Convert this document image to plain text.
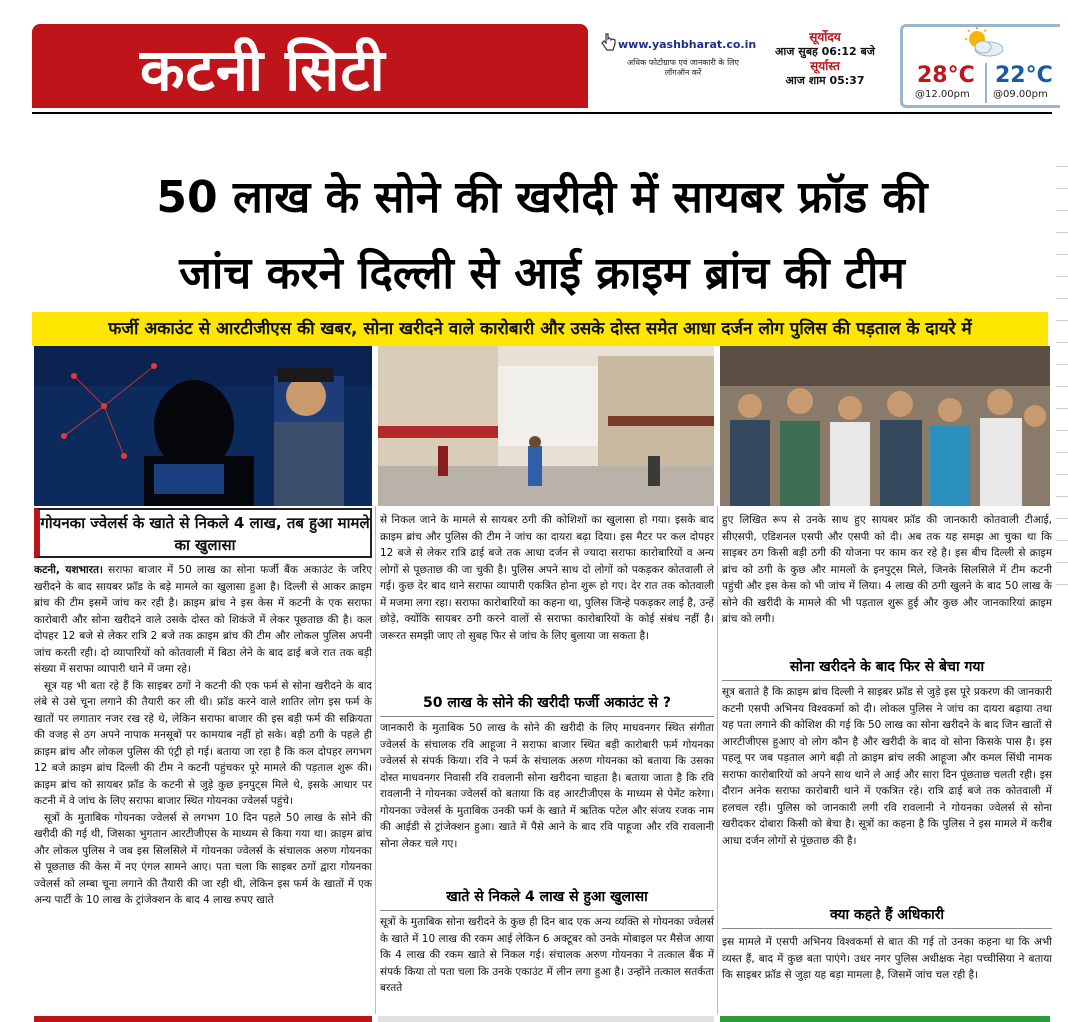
कटनी सिटी	www.yashbharat.co.in
अधिक फोटोग्राफ एवं जानकारी के लिए लॉगऑन करें
सूर्योदय
आज सुबह 06:12 बजे
सूर्यास्त
आज शाम 05:37	28°C 22°C
@12.00pm @09.00pm
50 लाख के सोने की खरीदी में सायबर फ्रॉड की
जांच करने दिल्ली से आई क्राइम ब्रांच की टीम
फर्जी अकाउंट से आरटीजीएस की खबर, सोना खरीदने वाले कारोबारी और उसके दोस्त समेत आधा दर्जन लोग पुलिस की पड़ताल के दायरे में
गोयनका ज्वेलर्स के खाते से निकले 4 लाख, तब हुआ मामले का खुलासा

कटनी, यशभारत। सराफा बाजार में 50 लाख का सोना फर्जी बैंक अकाउंट के जरिए खरीदने के बाद सायबर फ्रॉड के बड़े मामले का खुलासा हुआ है। दिल्ली से आकर क्राइम ब्रांच की टीम इसमें जांच कर रही है। क्राइम ब्रांच ने इस केस में कटनी के एक सराफा कारोबारी और सोना खरीदने वाले उसके दोस्त को शिकंजे में लेकर पूछताछ की है। कल दोपहर 12 बजे से लेकर रात्रि 2 बजे तक क्राइम ब्रांच की टीम और लोकल पुलिस अपनी जांच करती रही। दो व्यापारियों को कोतवाली में बिठा लेने के बाद ढाई बजे रात तक बड़ी संख्या में सराफा व्यापारी थाने में जमा रहे।

सूत्र यह भी बता रहे हैं कि साइबर ठगों ने कटनी की एक फर्म से सोना खरीदने के बाद लंबे से उसे चूना लगाने की तैयारी कर ली थी। फ्रॉड करने वाले शातिर लोग इस फर्म के खातों पर लगातार नजर रख रहे थे, लेकिन सराफा बाजार की इस बड़ी फर्म की सक्रियता की वजह से ठग अपने नापाक मनसूबों पर कामयाब नहीं हो सके। बड़ी ठगी के पहले ही क्राइम ब्रांच और लोकल पुलिस की एंट्री हो गई। बताया जा रहा है कि कल दोपहर लगभग 12 बजे क्राइम ब्रांच दिल्ली की टीम ने कटनी पहुंचकर पूरे मामले की पड़ताल शुरू की। क्राइम ब्रांच को सायबर फ्रॉड के कटनी से जुड़े कुछ इनपुट्स मिले थे, इसके आधार पर कटनी में वे जांच के लिए सराफा बाजार स्थित गोयनका ज्वेलर्स पहुंचे।

सूत्रों के मुताबिक गोयनका ज्वेलर्स से लगभग 10 दिन पहले 50 लाख के सोने की खरीदी की गई थी, जिसका भुगतान आरटीजीएस के माध्यम से किया गया था। क्राइम ब्रांच और लोकल पुलिस ने जब इस सिलसिले में गोयनका ज्वेलर्स के संचालक अरुण गोयनका से पूछताछ की केस में नए एंगल सामने आए। पता चला कि साइबर ठगों द्वारा गोयनका ज्वेलर्स को लम्बा चूना लगाने की तैयारी की जा रही थी, लेकिन इस फर्म के खातों में एक अन्य पार्टी के 10 लाख के ट्रांजेक्शन के बाद 4 लाख रुपए खाते

से निकल जाने के मामले से सायबर ठगी की कोशिशों का खुलासा हो गया। इसके बाद क्राइम ब्रांच और पुलिस की टीम ने जांच का दायरा बढ़ा दिया। इस मैटर पर कल दोपहर 12 बजे से लेकर रात्रि ढाई बजे तक आधा दर्जन से ज्यादा सराफा कारोबारियों व अन्य लोगों से पूछताछ की जा चुकी है। पुलिस अपने साथ दो लोगों को पकड़कर कोतवाली ले गई। कुछ देर बाद थाने सराफा व्यापारी एकत्रित होना शुरू हो गए। देर रात तक कोतवाली में मजमा लगा रहा। सराफा कारोबारियों का कहना था, पुलिस जिन्हे पकड़कर लाई है, उन्हें छोड़े, क्योंकि सायबर ठगी करने वालों से सराफा कारोबारियों के कोई संबंध नहीं है। जरूरत समझी जाए तो सुबह फिर से जांच के लिए बुलाया जा सकता है।

50 लाख के सोने की खरीदी फर्जी अकाउंट से ?

जानकारी के मुताबिक 50 लाख के सोने की खरीदी के लिए माधवनगर स्थित संगीता ज्वेलर्स के संचालक रवि आहूजा ने सराफा बाजार स्थित बड़ी कारोबारी फर्म गोयनका ज्वेलर्स से संपर्क किया। रवि ने फर्म के संचालक अरुण गोयनका को बताया कि उसका दोस्त माधवनगर निवासी रवि रावलानी सोना खरीदना चाहता है। बताया जाता है कि रवि रावलानी ने गोयनका ज्वेलर्स को बताया कि वह आरटीजीएस के माध्यम से पेमेंट करेगा। गोयनका ज्वेलर्स के मुताबिक उनकी फर्म के खाते में ऋतिक पटेल और संजय रजक नाम की आईडी से ट्रांजेक्शन हुआ। खाते में पैसे आने के बाद रवि पाहूजा और रवि रावलानी सोना लेकर चले गए।

खाते से निकले 4 लाख से हुआ खुलासा

सूत्रों के मुताबिक सोना खरीदने के कुछ ही दिन बाद एक अन्य व्यक्ति से गोयनका ज्वेलर्स के खाते में 10 लाख की रकम आई लेकिन 6 अक्टूबर को उनके मोबाइल पर मैसेज आया कि 4 लाख की रकम खाते से निकल गई। संचालक अरुण गोयनका ने तत्काल बैंक में संपर्क किया तो पता चला कि उनके एकाउंट में लीन लगा हुआ है। उन्होंने तत्काल सतर्कता बरतते

हुए लिखित रूप से उनके साथ हुए सायबर फ्रॉड की जानकारी कोतवाली टीआई, सीएसपी, एडिशनल एसपी और एसपी को दी। अब तक यह समझ आ चुका था कि साइबर ठग किसी बड़ी ठगी की योजना पर काम कर रहे है। इस बीच दिल्ली से क्राइम ब्रांच को ठगी के कुछ और मामलों के इनपुट्स मिले, जिनके सिलसिले में टीम कटनी पहुंची और इस केस को भी जांच में लिया। 4 लाख की ठगी खुलने के बाद 50 लाख के सोने की खरीदी के मामले की भी पड़ताल शुरू हुई और कुछ और जानकारियां क्राइम ब्रांच को लगी।

सोना खरीदने के बाद फिर से बेचा गया

सूत्र बताते है कि क्राइम ब्रांच दिल्ली ने साइबर फ्रॉड से जुड़े इस पूरे प्रकरण की जानकारी कटनी एसपी अभिनय विश्वकर्मा को दी। लोकल पुलिस ने जांच का दायरा बढ़ाया तथा यह पता लगाने की कोशिश की गई कि 50 लाख का सोना खरीदने के बाद जिन खातों से आरटीजीएस हुआए वो लोग कौन है और खरीदी के बाद वो सोना किसके पास है। इस पहलू पर जब पड़ताल आगे बढ़ी तो क्राइम ब्रांच लकी आहूजा और कमल सिंधी नामक सराफा कारोबारियों को अपने साथ थाने ले आई और सारा दिन पूंछताछ चलती रही। इस दौरान अनेक सराफा कारोबारी थाने में एकत्रित रहे। रात्रि ढाई बजे तक कोतवाली में हलचल रही। पुलिस को जानकारी लगी रवि रावलानी ने गोयनका ज्वेलर्स से सोना खरीदकर दोबारा किसी को बेचा है। सूत्रों का कहना है कि पुलिस ने इस मामले में करीब आधा दर्जन लोगों से पूंछताछ की है।

क्या कहते हैं अधिकारी

इस मामले में एसपी अभिनय विश्वकर्मा से बात की गई तो उनका कहना था कि अभी व्यस्त हैं, बाद में कुछ बता पाएंगे। उधर नगर पुलिस अधीक्षक नेहा पच्चीसिया ने बताया कि साइबर फ्रॉड से जुड़ा यह बड़ा मामला है, जिसमें जांच चल रही है।
